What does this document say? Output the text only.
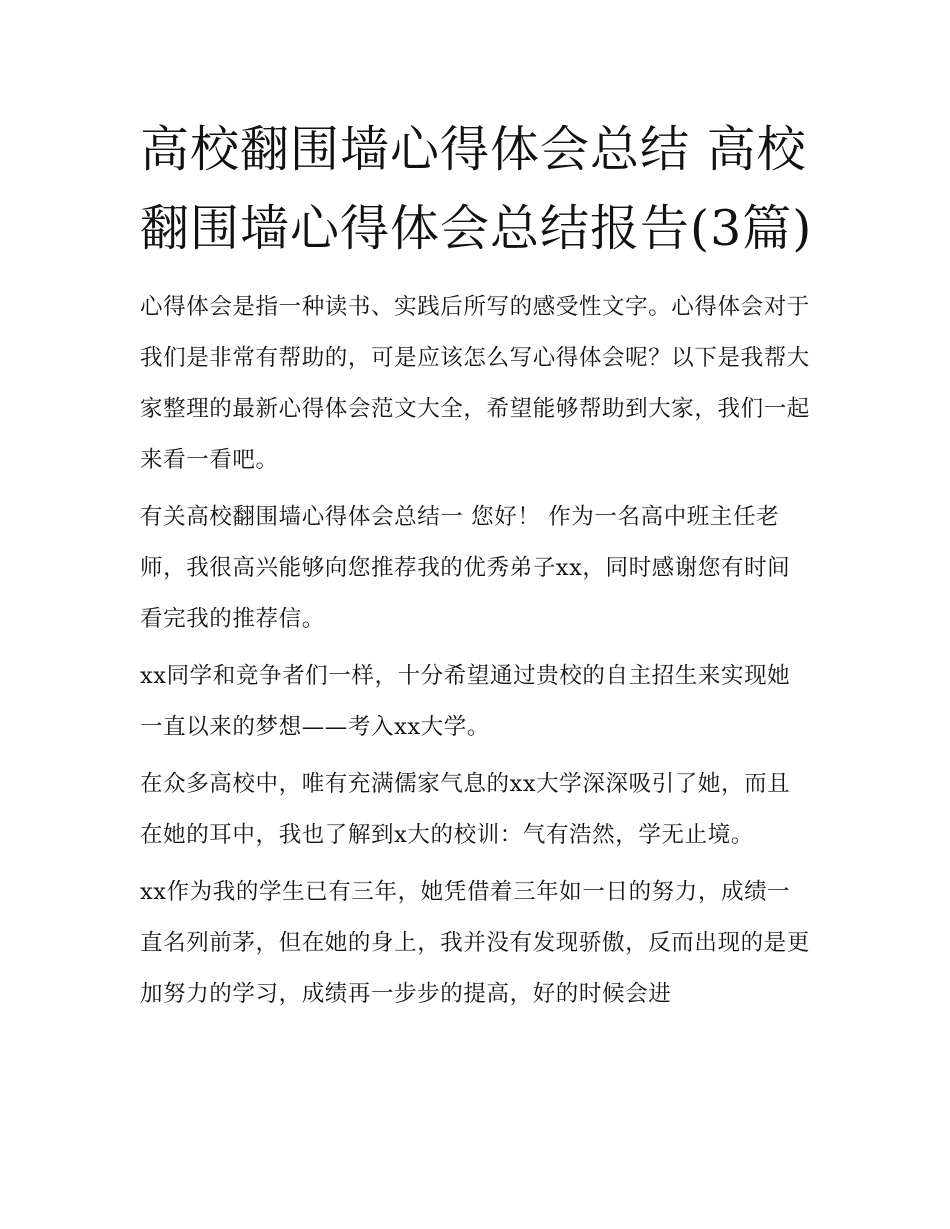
高校翻围墙心得体会总结 高校翻围墙心得体会总结报告(3篇)

心得体会是指一种读书、实践后所写的感受性文字。心得体会对于我们是非常有帮助的，可是应该怎么写心得体会呢？以下是我帮大家整理的最新心得体会范文大全，希望能够帮助到大家，我们一起来看一看吧。

有关高校翻围墙心得体会总结一 您好！ 作为一名高中班主任老师，我很高兴能够向您推荐我的优秀弟子xx，同时感谢您有时间看完我的推荐信。

xx同学和竞争者们一样，十分希望通过贵校的自主招生来实现她一直以来的梦想——考入xx大学。

在众多高校中，唯有充满儒家气息的xx大学深深吸引了她，而且在她的耳中，我也了解到x大的校训：气有浩然，学无止境。

xx作为我的学生已有三年，她凭借着三年如一日的努力，成绩一直名列前茅，但在她的身上，我并没有发现骄傲，反而出现的是更加努力的学习，成绩再一步步的提高，好的时候会进
